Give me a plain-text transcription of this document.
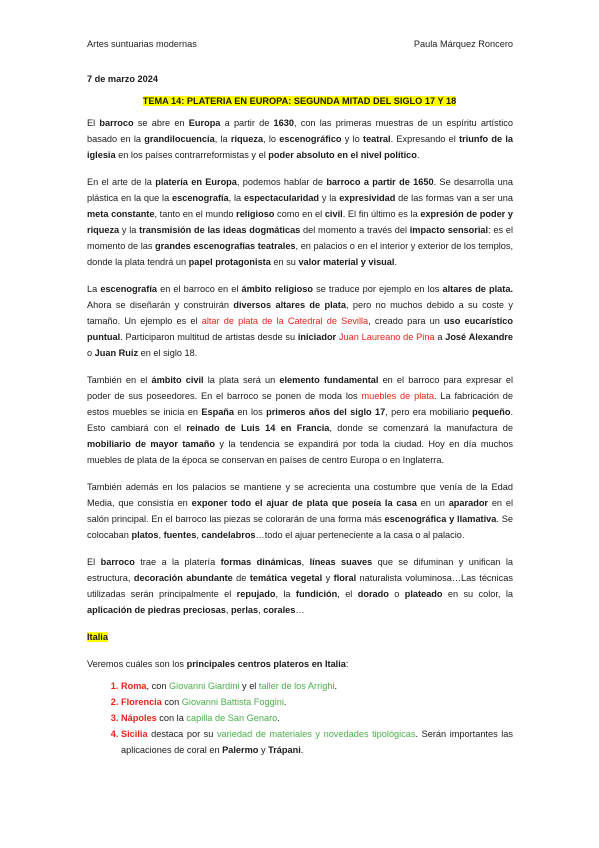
Artes suntuarias modernas	Paula Márquez Roncero
7 de marzo 2024
TEMA 14: PLATERIA EN EUROPA: SEGUNDA MITAD DEL SIGLO 17 Y 18

El barroco se abre en Europa a partir de 1630, con las primeras muestras de un espíritu artístico basado en la grandilocuencia, la riqueza, lo escenográfico y lo teatral. Expresando el triunfo de la iglesia en los países contrarreformistas y el poder absoluto en el nivel político.

En el arte de la platería en Europa, podemos hablar de barroco a partir de 1650. Se desarrolla una plástica en la que la escenografía, la espectacularidad y la expresividad de las formas van a ser una meta constante, tanto en el mundo religioso como en el civil. El fin último es la expresión de poder y riqueza y la transmisión de las ideas dogmáticas del momento a través del impacto sensorial: es el momento de las grandes escenografías teatrales, en palacios o en el interior y exterior de los templos, donde la plata tendrá un papel protagonista en su valor material y visual.

La escenografía en el barroco en el ámbito religioso se traduce por ejemplo en los altares de plata. Ahora se diseñarán y construirán diversos altares de plata, pero no muchos debido a su coste y tamaño. Un ejemplo es el altar de plata de la Catedral de Sevilla, creado para un uso eucarístico puntual. Participaron multitud de artistas desde su iniciador Juan Laureano de Pina a José Alexandre o Juan Ruiz en el siglo 18.

También en el ámbito civil la plata será un elemento fundamental en el barroco para expresar el poder de sus poseedores. En el barroco se ponen de moda los muebles de plata. La fabricación de estos muebles se inicia en España en los primeros años del siglo 17, pero era mobiliario pequeño. Esto cambiará con el reinado de Luis 14 en Francia, donde se comenzará la manufactura de mobiliario de mayor tamaño y la tendencia se expandirá por toda la ciudad. Hoy en día muchos muebles de plata de la época se conservan en países de centro Europa o en Inglaterra.

También además en los palacios se mantiene y se acrecienta una costumbre que venía de la Edad Media, que consistía en exponer todo el ajuar de plata que poseía la casa en un aparador en el salón principal. En el barroco las piezas se colorarán de una forma más escenográfica y llamativa. Se colocaban platos, fuentes, candelabros…todo el ajuar perteneciente a la casa o al palacio.

El barroco trae a la platería formas dinámicas, líneas suaves que se difuminan y unifican la estructura, decoración abundante de temática vegetal y floral naturalista voluminosa…Las técnicas utilizadas serán principalmente el repujado, la fundición, el dorado o plateado en su color, la aplicación de piedras preciosas, perlas, corales…

Italia

Veremos cuáles son los principales centros plateros en Italia:

1. Roma, con Giovanni Giardini y el taller de los Arrighi.
2. Florencia con Giovanni Battista Foggini.
3. Nápoles con la capilla de San Genaro.
4. Sicilia destaca por su variedad de materiales y novedades tipológicas. Serán importantes las aplicaciones de coral en Palermo y Trápani.
